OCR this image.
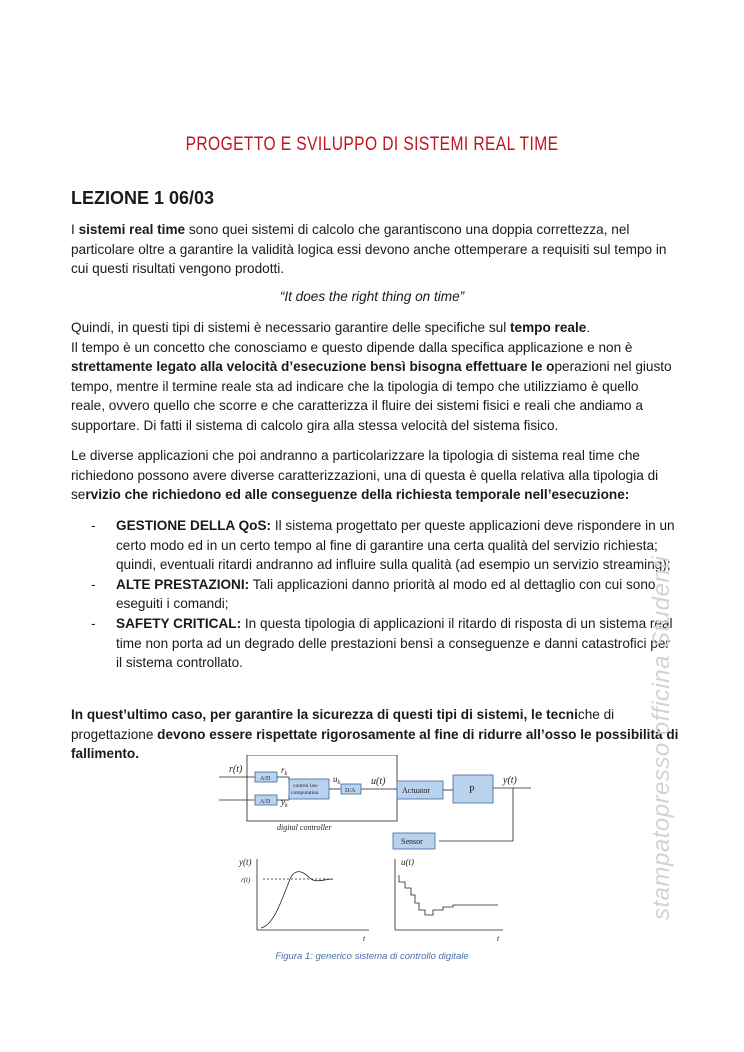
PROGETTO E SVILUPPO DI SISTEMI REAL TIME
LEZIONE 1 06/03
I sistemi real time sono quei sistemi di calcolo che garantiscono una doppia correttezza, nel particolare oltre a garantire la validità logica essi devono anche ottemperare a requisiti sul tempo in cui questi risultati vengono prodotti.
“It does the right thing on time”
Quindi, in questi tipi di sistemi è necessario garantire delle specifiche sul tempo reale.
Il tempo è un concetto che conosciamo e questo dipende dalla specifica applicazione e non è strettamente legato alla velocità d’esecuzione bensì bisogna effettuare le operazioni nel giusto tempo, mentre il termine reale sta ad indicare che la tipologia di tempo che utilizziamo è quello reale, ovvero quello che scorre e che caratterizza il fluire dei sistemi fisici e reali che andiamo a supportare. Di fatti il sistema di calcolo gira alla stessa velocità del sistema fisico.
Le diverse applicazioni che poi andranno a particolarizzare la tipologia di sistema real time che richiedono possono avere diverse caratterizzazioni, una di questa è quella relativa alla tipologia di servizio che richiedono ed alle conseguenze della richiesta temporale nell’esecuzione:
- GESTIONE DELLA QoS: Il sistema progettato per queste applicazioni deve rispondere in un certo modo ed in un certo tempo al fine di garantire una certa qualità del servizio richiesta; quindi, eventuali ritardi andranno ad influire sulla qualità (ad esempio un servizio streaming);
- ALTE PRESTAZIONI: Tali applicazioni danno priorità al modo ed al dettaglio con cui sono eseguiti i comandi;
- SAFETY CRITICAL: In questa tipologia di applicazioni il ritardo di risposta di un sistema real time non porta ad un degrado delle prestazioni bensì a conseguenze e danni catastrofici per il sistema controllato.
In quest’ultimo caso, per garantire la sicurezza di questi tipi di sistemi, le tecniche di progettazione devono essere rispettate rigorosamente al fine di ridurre all’osso le possibilità di fallimento.
r(t)
A/D
A/D
$r_k$
$y_k$
control law
computation
$u_k$
D/A
u(t)
Actuator	P
y(t)
Sensor
digital controller
y(t)
r(t)
t
u(t)
t
Figura 1: generico sistema di controllo digitale
stampatopresso officina Studenti
